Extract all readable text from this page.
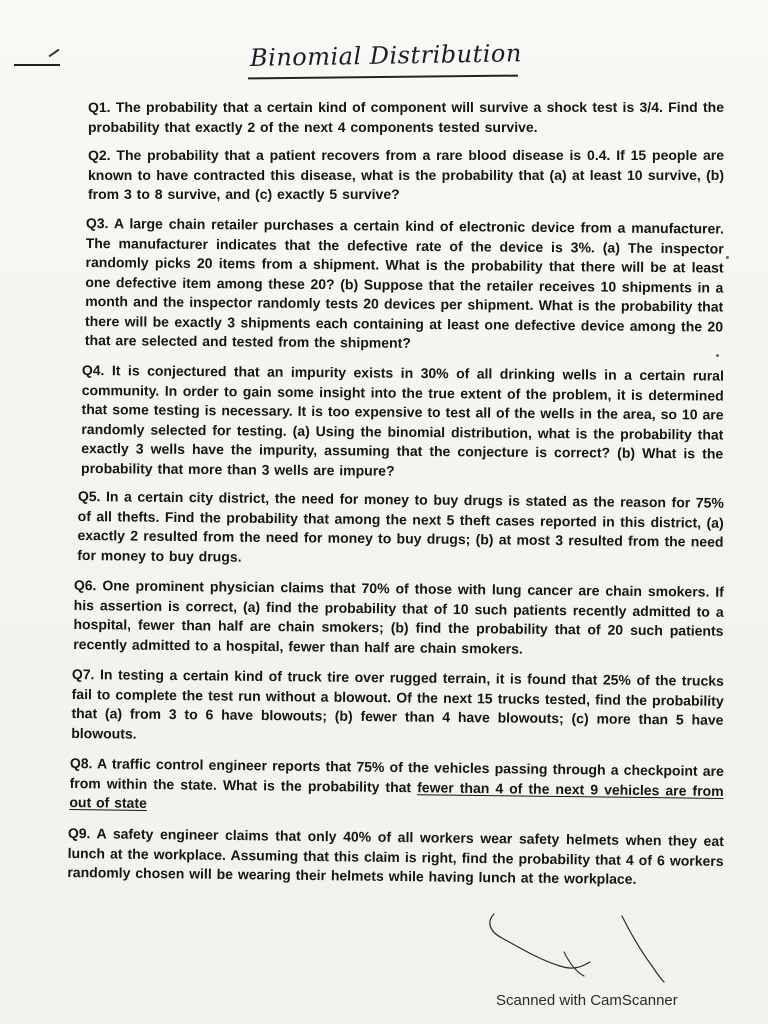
Binomial Distribution

Q1. The probability that a certain kind of component will survive a shock test is 3/4. Find the probability that exactly 2 of the next 4 components tested survive.

Q2. The probability that a patient recovers from a rare blood disease is 0.4. If 15 people are known to have contracted this disease, what is the probability that (a) at least 10 survive, (b) from 3 to 8 survive, and (c) exactly 5 survive?

Q3. A large chain retailer purchases a certain kind of electronic device from a manufacturer. The manufacturer indicates that the defective rate of the device is 3%. (a) The inspector randomly picks 20 items from a shipment. What is the probability that there will be at least one defective item among these 20? (b) Suppose that the retailer receives 10 shipments in a month and the inspector randomly tests 20 devices per shipment. What is the probability that there will be exactly 3 shipments each containing at least one defective device among the 20 that are selected and tested from the shipment?

Q4. It is conjectured that an impurity exists in 30% of all drinking wells in a certain rural community. In order to gain some insight into the true extent of the problem, it is determined that some testing is necessary. It is too expensive to test all of the wells in the area, so 10 are randomly selected for testing. (a) Using the binomial distribution, what is the probability that exactly 3 wells have the impurity, assuming that the conjecture is correct? (b) What is the probability that more than 3 wells are impure?

Q5. In a certain city district, the need for money to buy drugs is stated as the reason for 75% of all thefts. Find the probability that among the next 5 theft cases reported in this district, (a) exactly 2 resulted from the need for money to buy drugs; (b) at most 3 resulted from the need for money to buy drugs.

Q6. One prominent physician claims that 70% of those with lung cancer are chain smokers. If his assertion is correct, (a) find the probability that of 10 such patients recently admitted to a hospital, fewer than half are chain smokers; (b) find the probability that of 20 such patients recently admitted to a hospital, fewer than half are chain smokers.

Q7. In testing a certain kind of truck tire over rugged terrain, it is found that 25% of the trucks fail to complete the test run without a blowout. Of the next 15 trucks tested, find the probability that (a) from 3 to 6 have blowouts; (b) fewer than 4 have blowouts; (c) more than 5 have blowouts.

Q8. A traffic control engineer reports that 75% of the vehicles passing through a checkpoint are from within the state. What is the probability that fewer than 4 of the next 9 vehicles are from out of state

Q9. A safety engineer claims that only 40% of all workers wear safety helmets when they eat lunch at the workplace. Assuming that this claim is right, find the probability that 4 of 6 workers randomly chosen will be wearing their helmets while having lunch at the workplace.

Scanned with CamScanner
